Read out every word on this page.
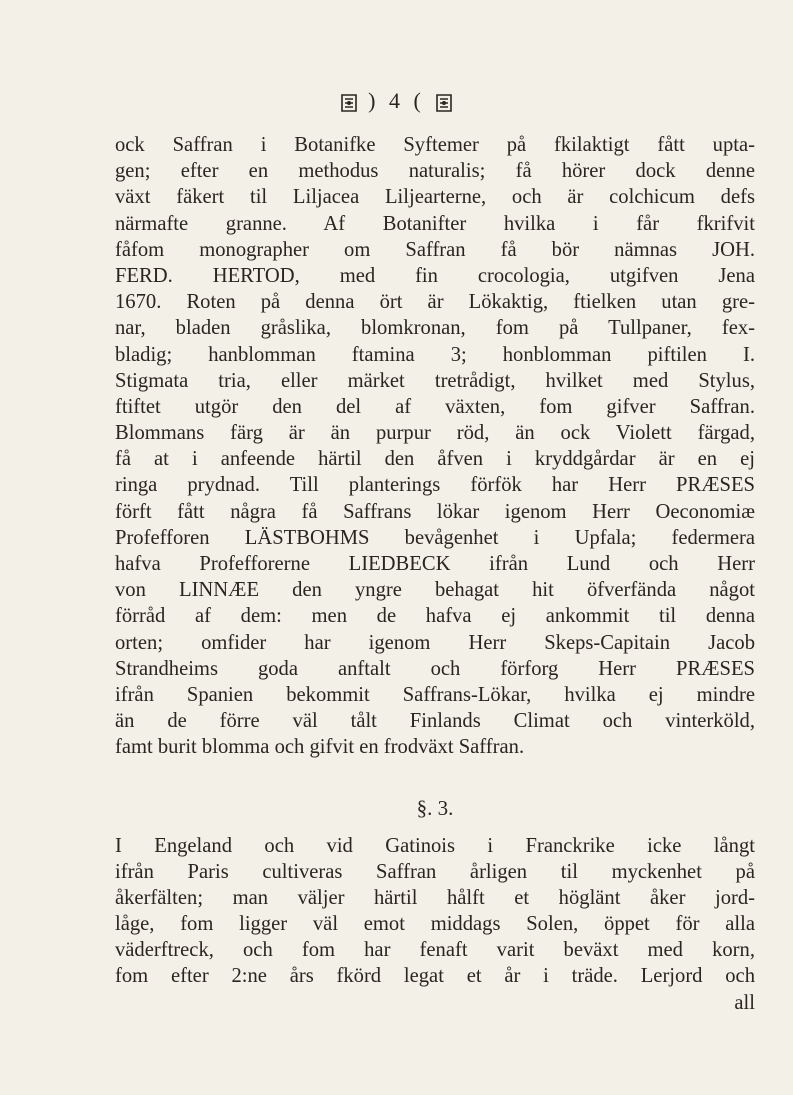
) 4 (
ock Saffran i Botanifke Syftemer på fkilaktigt fått upta-
gen; efter en methodus naturalis; få hörer dock denne
växt fäkert til Liljacea Liljearterne, och är colchicum defs
närmafte granne. Af Botanifter hvilka i får fkrifvit
fåfom monographer om Saffran få bör nämnas JOH.
FERD. HERTOD, med fin crocologia, utgifven Jena
1670. Roten på denna ört är Lökaktig, ftielken utan gre-
nar, bladen gråslika, blomkronan, fom på Tullpaner, fex-
bladig; hanblomman ftamina 3; honblomman piftilen I.
Stigmata tria, eller märket tretrådigt, hvilket med Stylus,
ftiftet utgör den del af växten, fom gifver Saffran.
Blommans färg är än purpur röd, än ock Violett färgad,
få at i anfeende härtil den åfven i kryddgårdar är en ej
ringa prydnad. Till planterings förfök har Herr PRÆSES
förft fått några få Saffrans lökar igenom Herr Oeconomiæ
Profefforen LÄSTBOHMS bevågenhet i Upfala; federmera
hafva Profefforerne LIEDBECK ifrån Lund och Herr
von LINNÆE den yngre behagat hit öfverfända något
förråd af dem: men de hafva ej ankommit til denna
orten; omfider har igenom Herr Skeps-Capitain Jacob
Strandheims goda anftalt och förforg Herr PRÆSES
ifrån Spanien bekommit Saffrans-Lökar, hvilka ej mindre
än de förre väl tålt Finlands Climat och vinterköld,
famt burit blomma och gifvit en frodväxt Saffran.
§. 3.
I Engeland och vid Gatinois i Franckrike icke långt
ifrån Paris cultiveras Saffran årligen til myckenhet på
åkerfälten; man väljer härtil hålft et höglänt åker jord-
låge, fom ligger väl emot middags Solen, öppet för alla
väderftreck, och fom har fenaft varit beväxt med korn,
fom efter 2:ne års fkörd legat et år i träde. Lerjord och
all
